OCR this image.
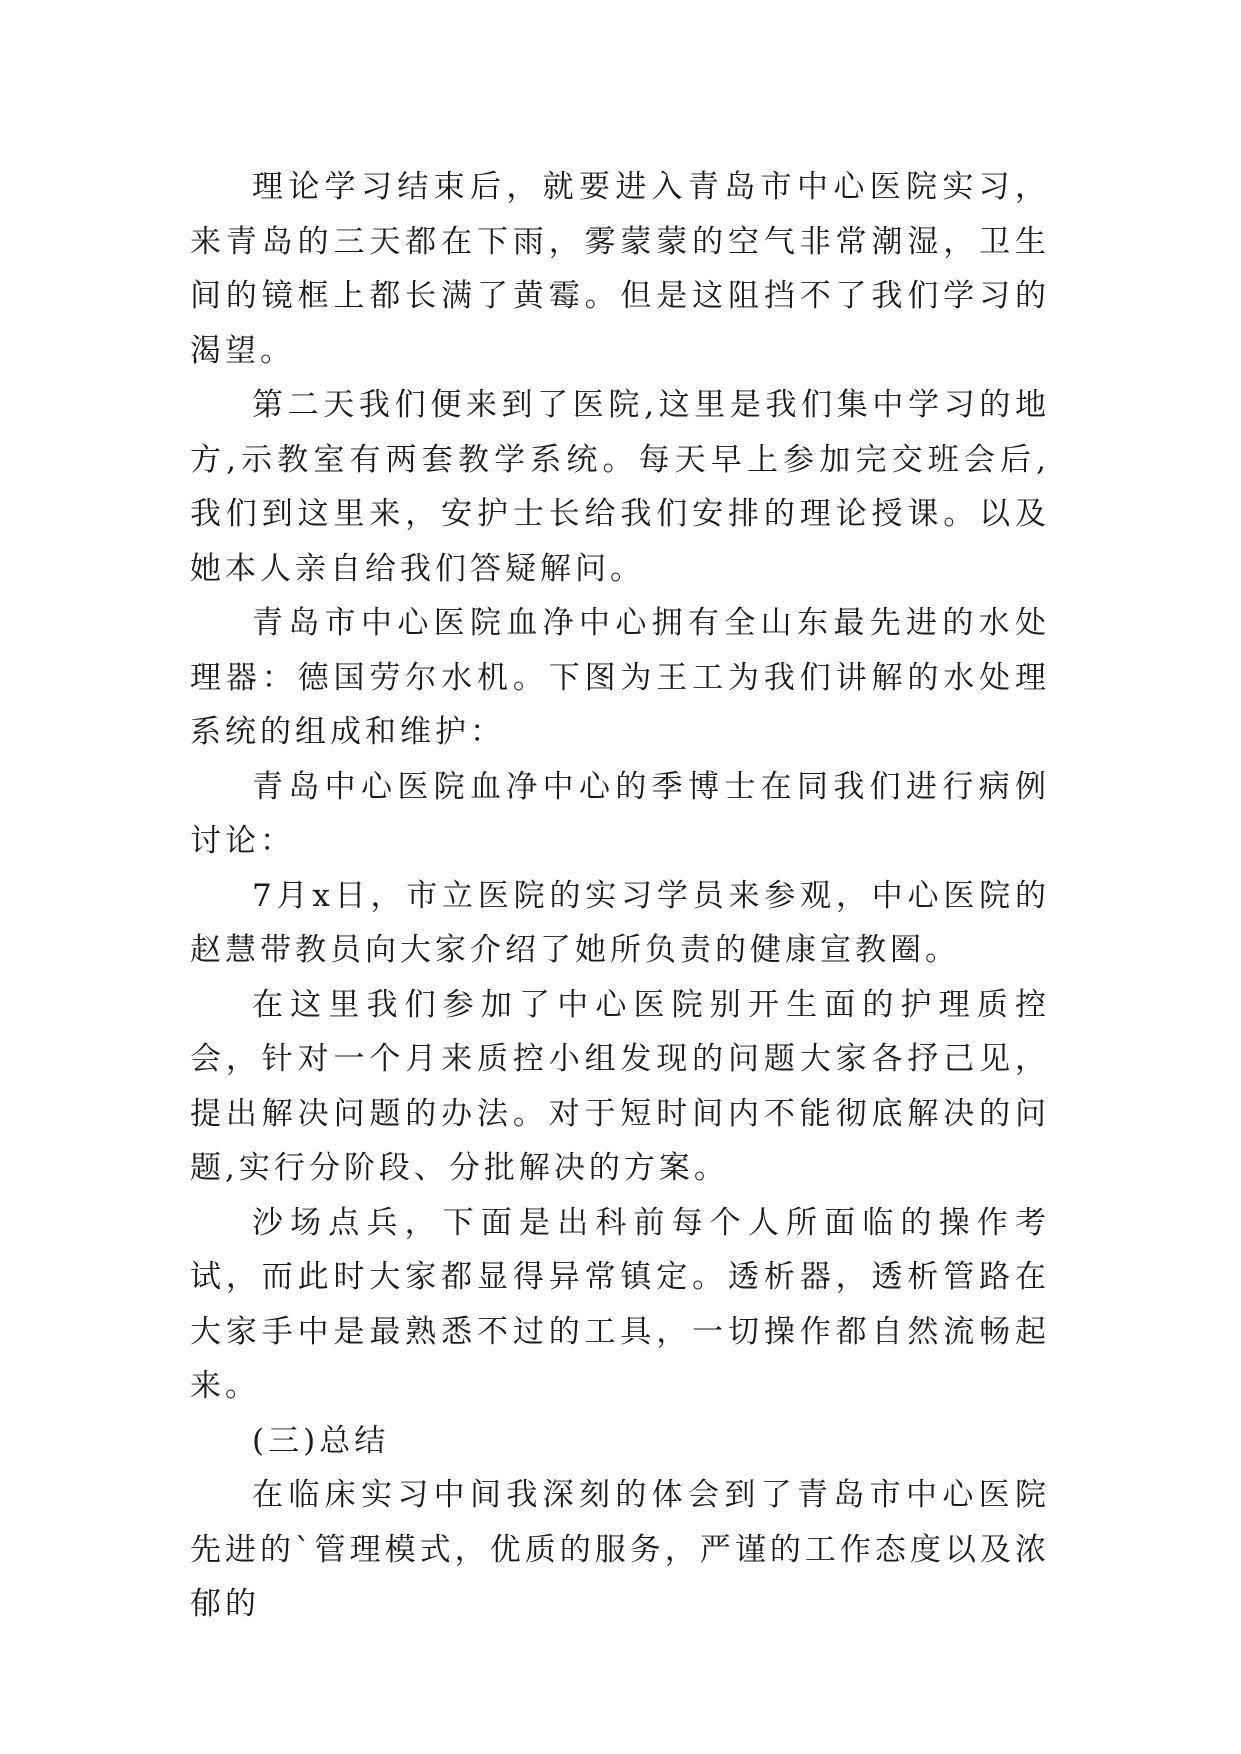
理论学习结束后，就要进入青岛市中心医院实习，来青岛的三天都在下雨，雾蒙蒙的空气非常潮湿，卫生间的镜框上都长满了黄霉。但是这阻挡不了我们学习的渴望。

第二天我们便来到了医院,这里是我们集中学习的地方,示教室有两套教学系统。每天早上参加完交班会后,我们到这里来，安护士长给我们安排的理论授课。以及她本人亲自给我们答疑解问。

青岛市中心医院血净中心拥有全山东最先进的水处理器：德国劳尔水机。下图为王工为我们讲解的水处理系统的组成和维护：

青岛中心医院血净中心的季博士在同我们进行病例讨论：

7月x日，市立医院的实习学员来参观，中心医院的赵慧带教员向大家介绍了她所负责的健康宣教圈。

在这里我们参加了中心医院别开生面的护理质控会，针对一个月来质控小组发现的问题大家各抒己见，提出解决问题的办法。对于短时间内不能彻底解决的问题,实行分阶段、分批解决的方案。

沙场点兵，下面是出科前每个人所面临的操作考试，而此时大家都显得异常镇定。透析器，透析管路在大家手中是最熟悉不过的工具，一切操作都自然流畅起来。

(三)总结

在临床实习中间我深刻的体会到了青岛市中心医院先进的`管理模式，优质的服务，严谨的工作态度以及浓郁的
